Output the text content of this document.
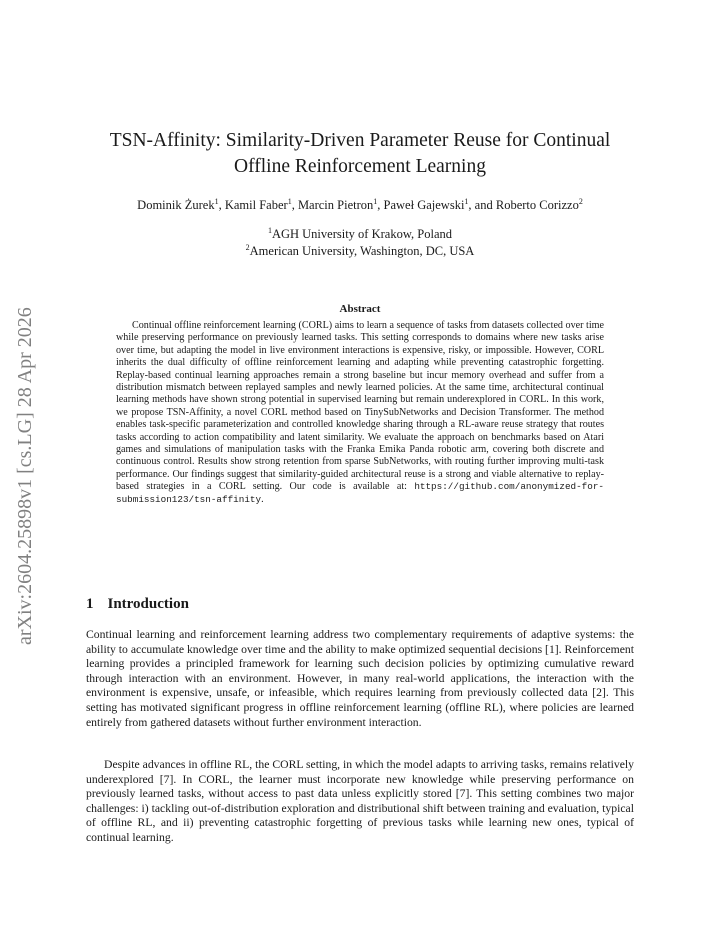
arXiv:2604.25898v1 [cs.LG] 28 Apr 2026
TSN-Affinity: Similarity-Driven Parameter Reuse for Continual
Offline Reinforcement Learning
Dominik Żurek$^1$, Kamil Faber$^1$, Marcin Pietron$^1$, Paweł Gajewski$^1$, and Roberto Corizzo$^2$
$^1$AGH University of Krakow, Poland
$^2$American University, Washington, DC, USA
Abstract

Continual offline reinforcement learning (CORL) aims to learn a sequence of tasks from datasets collected over time while preserving performance on previously learned tasks. This setting corresponds to domains where new tasks arise over time, but adapting the model in live environment interactions is expensive, risky, or impossible. However, CORL inherits the dual difficulty of offline reinforcement learning and adapting while preventing catastrophic forgetting. Replay-based continual learning approaches remain a strong baseline but incur memory overhead and suffer from a distribution mismatch between replayed samples and newly learned policies. At the same time, architectural continual learning methods have shown strong potential in supervised learning but remain underexplored in CORL. In this work, we propose TSN-Affinity, a novel CORL method based on TinySubNetworks and Decision Transformer. The method enables task-specific parameterization and controlled knowledge sharing through a RL-aware reuse strategy that routes tasks according to action compatibility and latent similarity. We evaluate the approach on benchmarks based on Atari games and simulations of manipulation tasks with the Franka Emika Panda robotic arm, covering both discrete and continuous control. Results show strong retention from sparse SubNetworks, with routing further improving multi-task performance. Our findings suggest that similarity-guided architectural reuse is a strong and viable alternative to replay-based strategies in a CORL setting. Our code is available at: https://github.com/anonymized-for-submission123/tsn-affinity.

1 Introduction

Continual learning and reinforcement learning address two complementary requirements of adaptive systems: the ability to accumulate knowledge over time and the ability to make optimized sequential decisions [1]. Reinforcement learning provides a principled framework for learning such decision policies by optimizing cumulative reward through interaction with an environment. However, in many real-world applications, the interaction with the environment is expensive, unsafe, or infeasible, which requires learning from previously collected data [2]. This setting has motivated significant progress in offline reinforcement learning (offline RL), where policies are learned entirely from gathered datasets without further environment interaction.

Despite advances in offline RL, the CORL setting, in which the model adapts to arriving tasks, remains relatively underexplored [7]. In CORL, the learner must incorporate new knowledge while preserving performance on previously learned tasks, without access to past data unless explicitly stored [7]. This setting combines two major challenges: i) tackling out-of-distribution exploration and distributional shift between training and evaluation, typical of offline RL, and ii) preventing catastrophic forgetting of previous tasks while learning new ones, typical of continual learning.
